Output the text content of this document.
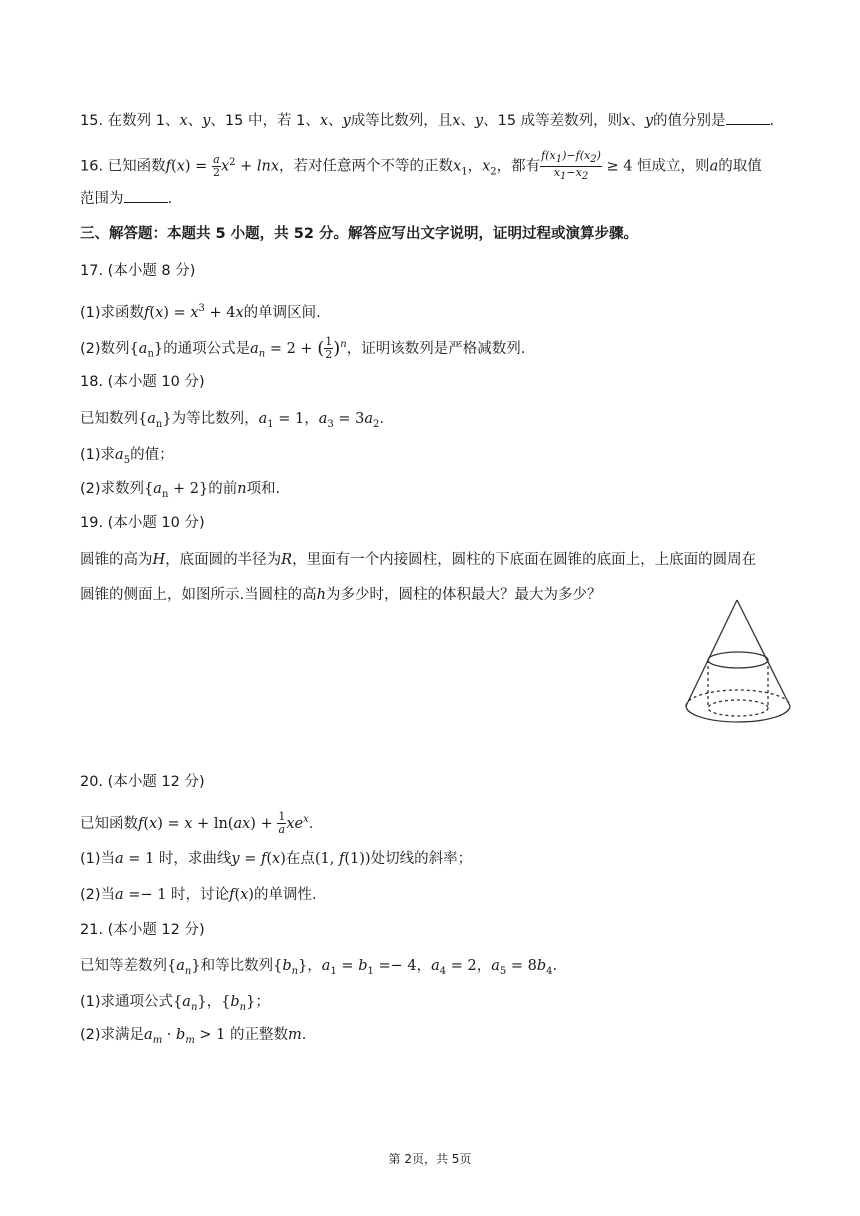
15. 在数列 1、x、y、15 中，若 1、x、y成等比数列，且x、y、15 成等差数列，则x、y的值分别是	.
16. 已知函数$f(x) = \frac{a}{2} x^2 + \ln x$，若对任意两个不等的正数$x_1$，$x_2$，都有 $\frac{f(x_1)-f(x_2)}{x_1-x_2} \ge 4$ 恒成立，则a的取值
范围为	.
三、解答题：本题共 5 小题，共 52 分。解答应写出文字说明，证明过程或演算步骤。
17. (本小题 8 分)
(1)求函数$f(x) = x^3 + 4x$的单调区间.
(2)数列$\{a_n\}$的通项公式是$a_n = 2$ + ( $\frac{1}{2} )^n$，证明该数列是严格减数列.
18. (本小题 10 分)
已知数列$\{a_n\}$为等比数列，$a_1 = 1$，$a_3 = 3a_2$.
(1)求$a_5$的值；
(2)求数列$\{a_n + 2\}$的前n项和.
19. (本小题 10 分)
圆锥的高为H，底面圆的半径为R，里面有一个内接圆柱，圆柱的下底面在圆锥的底面上，上底面的圆周在
圆锥的侧面上，如图所示.当圆柱的高h为多少时，圆柱的体积最大？最大为多少？
20. (本小题 12 分)
已知函数$f(x) = x + \ln(ax) + \frac{1}{a} xe^x$.
(1)当a = 1 时，求曲线y = f(x)在点(1, f(1))处切线的斜率；
(2)当a =− 1 时，讨论f(x)的单调性.
21. (本小题 12 分)
已知等差数列$\{a_n\}$和等比数列$\{b_n\}$，$a_1 = b_1 =- 4$，$a_4 = 2$，$a_5 = 8b_4$.
(1)求通项公式$\{a_n\}$，$\{b_n\}$；
(2)求满足$a_m \cdot b_m > 1$ 的正整数m.
第 2页，共 5页
